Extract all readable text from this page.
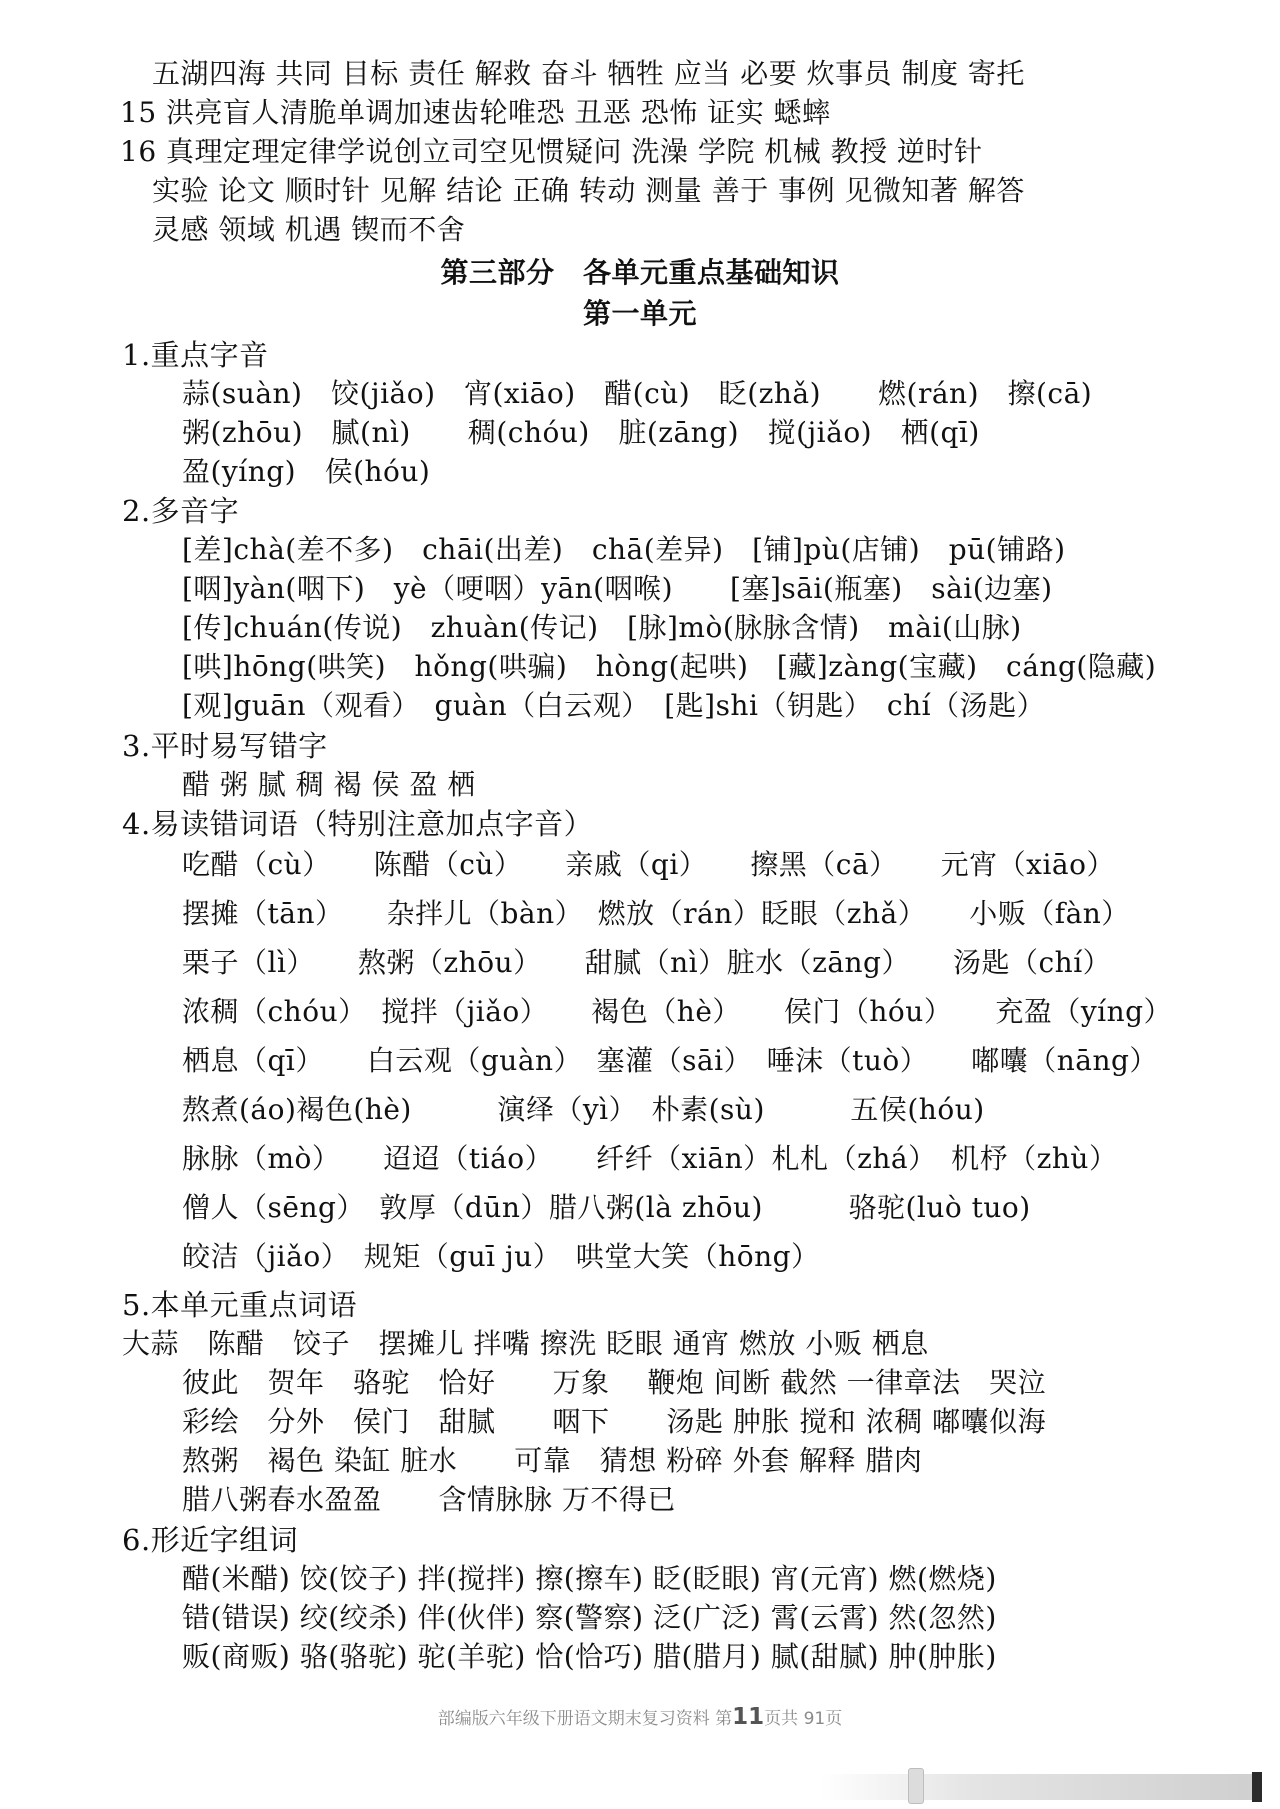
五湖四海 共同 目标 责任 解救 奋斗 牺牲 应当 必要 炊事员 制度 寄托
15 洪亮盲人清脆单调加速齿轮唯恐 丑恶 恐怖 证实 蟋蟀
16 真理定理定律学说创立司空见惯疑问 洗澡 学院 机械 教授 逆时针
实验 论文 顺时针 见解 结论 正确 转动 测量 善于 事例 见微知著 解答
灵感 领域 机遇 锲而不舍
第三部分　各单元重点基础知识
第一单元
1.重点字音
蒜(suàn)　饺(jiǎo)　宵(xiāo)　醋(cù)　眨(zhǎ)　　燃(rán)　擦(cā)
粥(zhōu)　腻(nì)　　稠(chóu)　脏(zāng)　搅(jiǎo)　栖(qī)
盈(yíng)　侯(hóu)
2.多音字
[差]chà(差不多)　chāi(出差)　chā(差异)　[铺]pù(店铺)　pū(铺路)
[咽]yàn(咽下)　yè（哽咽）yān(咽喉)　　[塞]sāi(瓶塞)　sài(边塞)
[传]chuán(传说)　zhuàn(传记)　[脉]mò(脉脉含情)　mài(山脉)
[哄]hōng(哄笑)　hǒng(哄骗)　hòng(起哄)　[藏]zàng(宝藏)　cáng(隐藏)
[观]guān（观看）　guàn（白云观）　[匙]shi（钥匙）　chí（汤匙）
3.平时易写错字
醋 粥 腻 稠 褐 侯 盈 栖
4.易读错词语（特别注意加点字音）
吃醋（cù）　　陈醋（cù）　　亲戚（qi）　　擦黑（cā）　　元宵（xiāo）
摆摊（tān）　　杂拌儿（bàn）　燃放（rán）眨眼（zhǎ）　　小贩（fàn）
栗子（lì）　　熬粥（zhōu）　　甜腻（nì）脏水（zāng）　　汤匙（chí）
浓稠（chóu）　搅拌（jiǎo）　　褐色（hè）　　侯门（hóu）　　充盈（yíng）
栖息（qī）　　白云观（guàn）　塞灌（sāi）　唾沫（tuò）　　嘟囔（nāng）
熬煮(áo)褐色(hè)　　　演绎（yì）　朴素(sù)　　　五侯(hóu)
脉脉（mò）　　迢迢（tiáo）　　纤纤（xiān）札札（zhá）　机杼（zhù）
僧人（sēng）　敦厚（dūn）腊八粥(là zhōu)　　　骆驼(luò tuo)
皎洁（jiǎo）　规矩（guī ju）　哄堂大笑（hōng）
5.本单元重点词语
大蒜　陈醋　饺子　摆摊儿 拌嘴 擦洗 眨眼 通宵 燃放 小贩 栖息
彼此　贺年　骆驼　恰好　　万象　 鞭炮 间断 截然 一律章法　哭泣
彩绘　分外　侯门　甜腻　　咽下　　汤匙 肿胀 搅和 浓稠 嘟囔似海
熬粥　褐色 染缸 脏水　　可靠　猜想 粉碎 外套 解释 腊肉
腊八粥春水盈盈　　含情脉脉 万不得已
6.形近字组词
醋(米醋) 饺(饺子) 拌(搅拌) 擦(擦车) 眨(眨眼) 宵(元宵) 燃(燃烧)
错(错误) 绞(绞杀) 伴(伙伴) 察(警察) 泛(广泛) 霄(云霄) 然(忽然)
贩(商贩) 骆(骆驼) 驼(羊驼) 恰(恰巧) 腊(腊月) 腻(甜腻) 肿(肿胀)
部编版六年级下册语文期末复习资料 第11页共 91页
